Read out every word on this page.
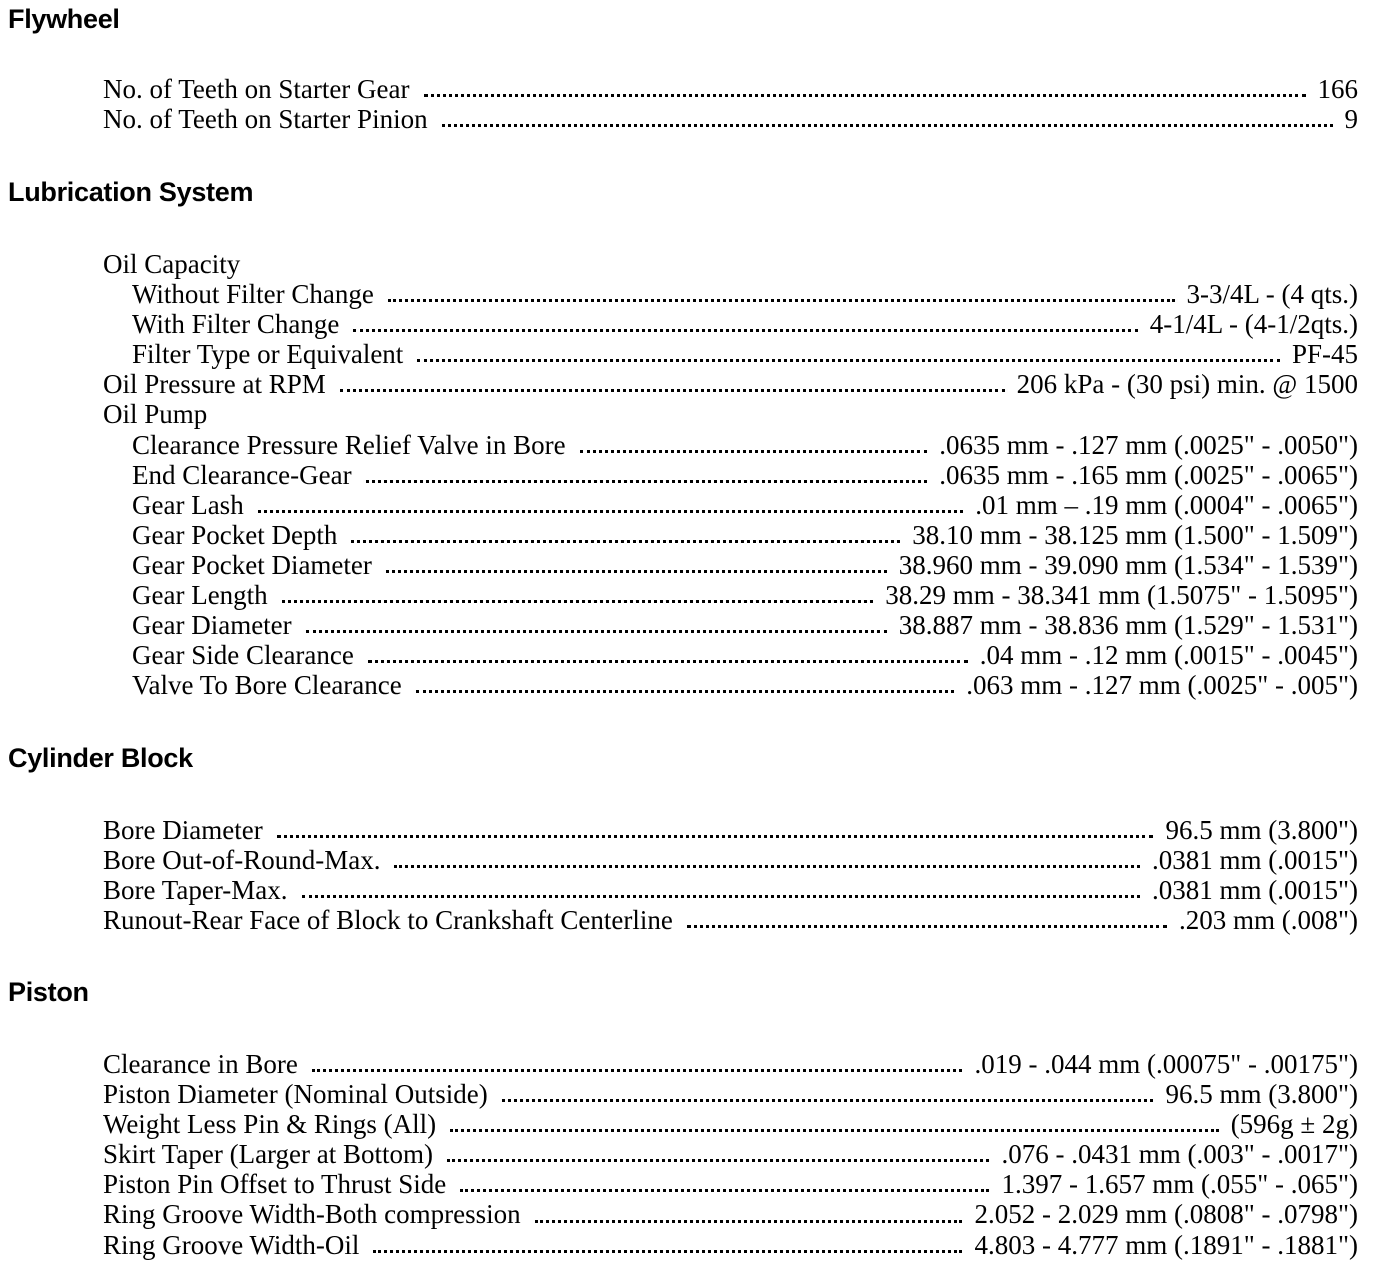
Flywheel
No. of Teeth on Starter Gear	166
No. of Teeth on Starter Pinion	9
Lubrication System
Oil Capacity
Without Filter Change	3-3/4L - (4 qts.)
With Filter Change	4-1/4L - (4-1/2qts.)
Filter Type or Equivalent	PF-45
Oil Pressure at RPM	206 kPa - (30 psi) min. @ 1500
Oil Pump
Clearance Pressure Relief Valve in Bore	.0635 mm - .127 mm (.0025" - .0050")
End Clearance-Gear	.0635 mm - .165 mm (.0025" - .0065")
Gear Lash	.01 mm – .19 mm (.0004" - .0065")
Gear Pocket Depth	38.10 mm - 38.125 mm (1.500" - 1.509")
Gear Pocket Diameter	38.960 mm - 39.090 mm (1.534" - 1.539")
Gear Length	38.29 mm - 38.341 mm (1.5075" - 1.5095")
Gear Diameter	38.887 mm - 38.836 mm (1.529" - 1.531")
Gear Side Clearance	.04 mm - .12 mm (.0015" - .0045")
Valve To Bore Clearance	.063 mm - .127 mm (.0025" - .005")
Cylinder Block
Bore Diameter	96.5 mm (3.800")
Bore Out-of-Round-Max.	.0381 mm (.0015")
Bore Taper-Max.	.0381 mm (.0015")
Runout-Rear Face of Block to Crankshaft Centerline	.203 mm (.008")
Piston
Clearance in Bore	.019 - .044 mm (.00075" - .00175")
Piston Diameter (Nominal Outside)	96.5 mm (3.800")
Weight Less Pin & Rings (All)	(596g ± 2g)
Skirt Taper (Larger at Bottom)	.076 - .0431 mm (.003" - .0017")
Piston Pin Offset to Thrust Side	1.397 - 1.657 mm (.055" - .065")
Ring Groove Width-Both compression	2.052 - 2.029 mm (.0808" - .0798")
Ring Groove Width-Oil	4.803 - 4.777 mm (.1891" - .1881")
